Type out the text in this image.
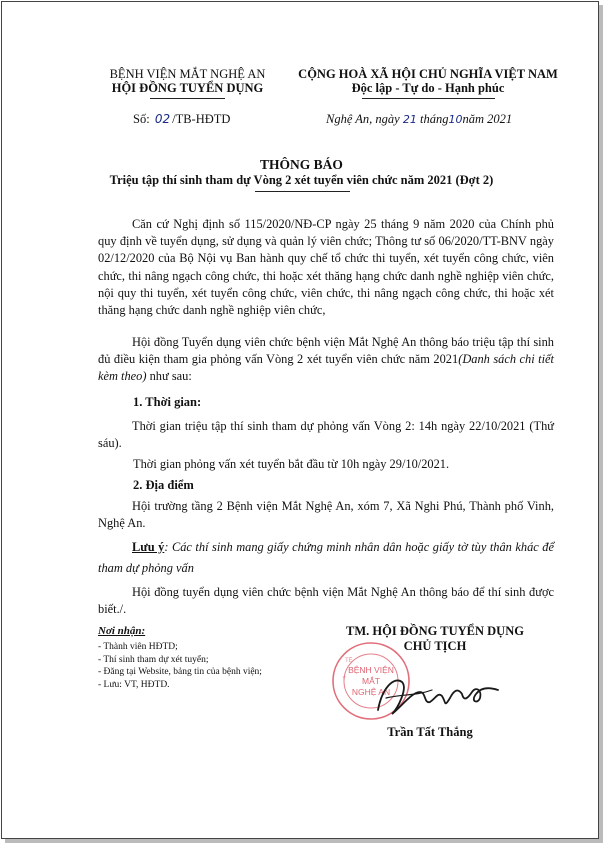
BỆNH VIỆN MẮT NGHỆ AN
HỘI ĐỒNG TUYỂN DỤNG
CỘNG HOÀ XÃ HỘI CHỦ NGHĨA VIỆT NAM
Độc lập - Tự do - Hạnh phúc
Số: 02 /TB-HĐTD	Nghệ An, ngày 21 tháng10năm 2021
THÔNG BÁO
Triệu tập thí sinh tham dự Vòng 2 xét tuyển viên chức năm 2021 (Đợt 2)
Căn cứ Nghị định số 115/2020/NĐ-CP ngày 25 tháng 9 năm 2020 của Chính phủ quy định về tuyển dụng, sử dụng và quản lý viên chức; Thông tư số 06/2020/TT-BNV ngày 02/12/2020 của Bộ Nội vụ Ban hành quy chế tổ chức thi tuyển, xét tuyển công chức, viên chức, thi nâng ngạch công chức, thi hoặc xét thăng hạng chức danh nghề nghiệp viên chức, nội quy thi tuyển, xét tuyển công chức, viên chức, thi nâng ngạch công chức, thi hoặc xét thăng hạng chức danh nghề nghiệp viên chức,
Hội đồng Tuyển dụng viên chức bệnh viện Mắt Nghệ An thông báo triệu tập thí sinh đủ điều kiện tham gia phỏng vấn Vòng 2 xét tuyển viên chức năm 2021(Danh sách chi tiết kèm theo) như sau:
1. Thời gian:
Thời gian triệu tập thí sinh tham dự phỏng vấn Vòng 2: 14h ngày 22/10/2021 (Thứ sáu).
Thời gian phỏng vấn xét tuyển bắt đầu từ 10h ngày 29/10/2021.
2. Địa điểm
Hội trường tầng 2 Bệnh viện Mắt Nghệ An, xóm 7, Xã Nghi Phú, Thành phố Vinh, Nghệ An.
Lưu ý: Các thí sinh mang giấy chứng minh nhân dân hoặc giấy tờ tùy thân khác để tham dự phỏng vấn
Hội đồng tuyển dụng viên chức bệnh viện Mắt Nghệ An thông báo để thí sinh được biết./.
Nơi nhận:
- Thành viên HĐTD;
- Thí sinh tham dự xét tuyển;
- Đăng tại Website, bảng tin của bệnh viện;
- Lưu: VT, HĐTD.
TM. HỘI ĐỒNG TUYỂN DỤNG
CHỦ TỊCH
BỆNH VIỆN
MẮT
NGHỆ AN
Y
TẾ
Trần Tất Thắng
